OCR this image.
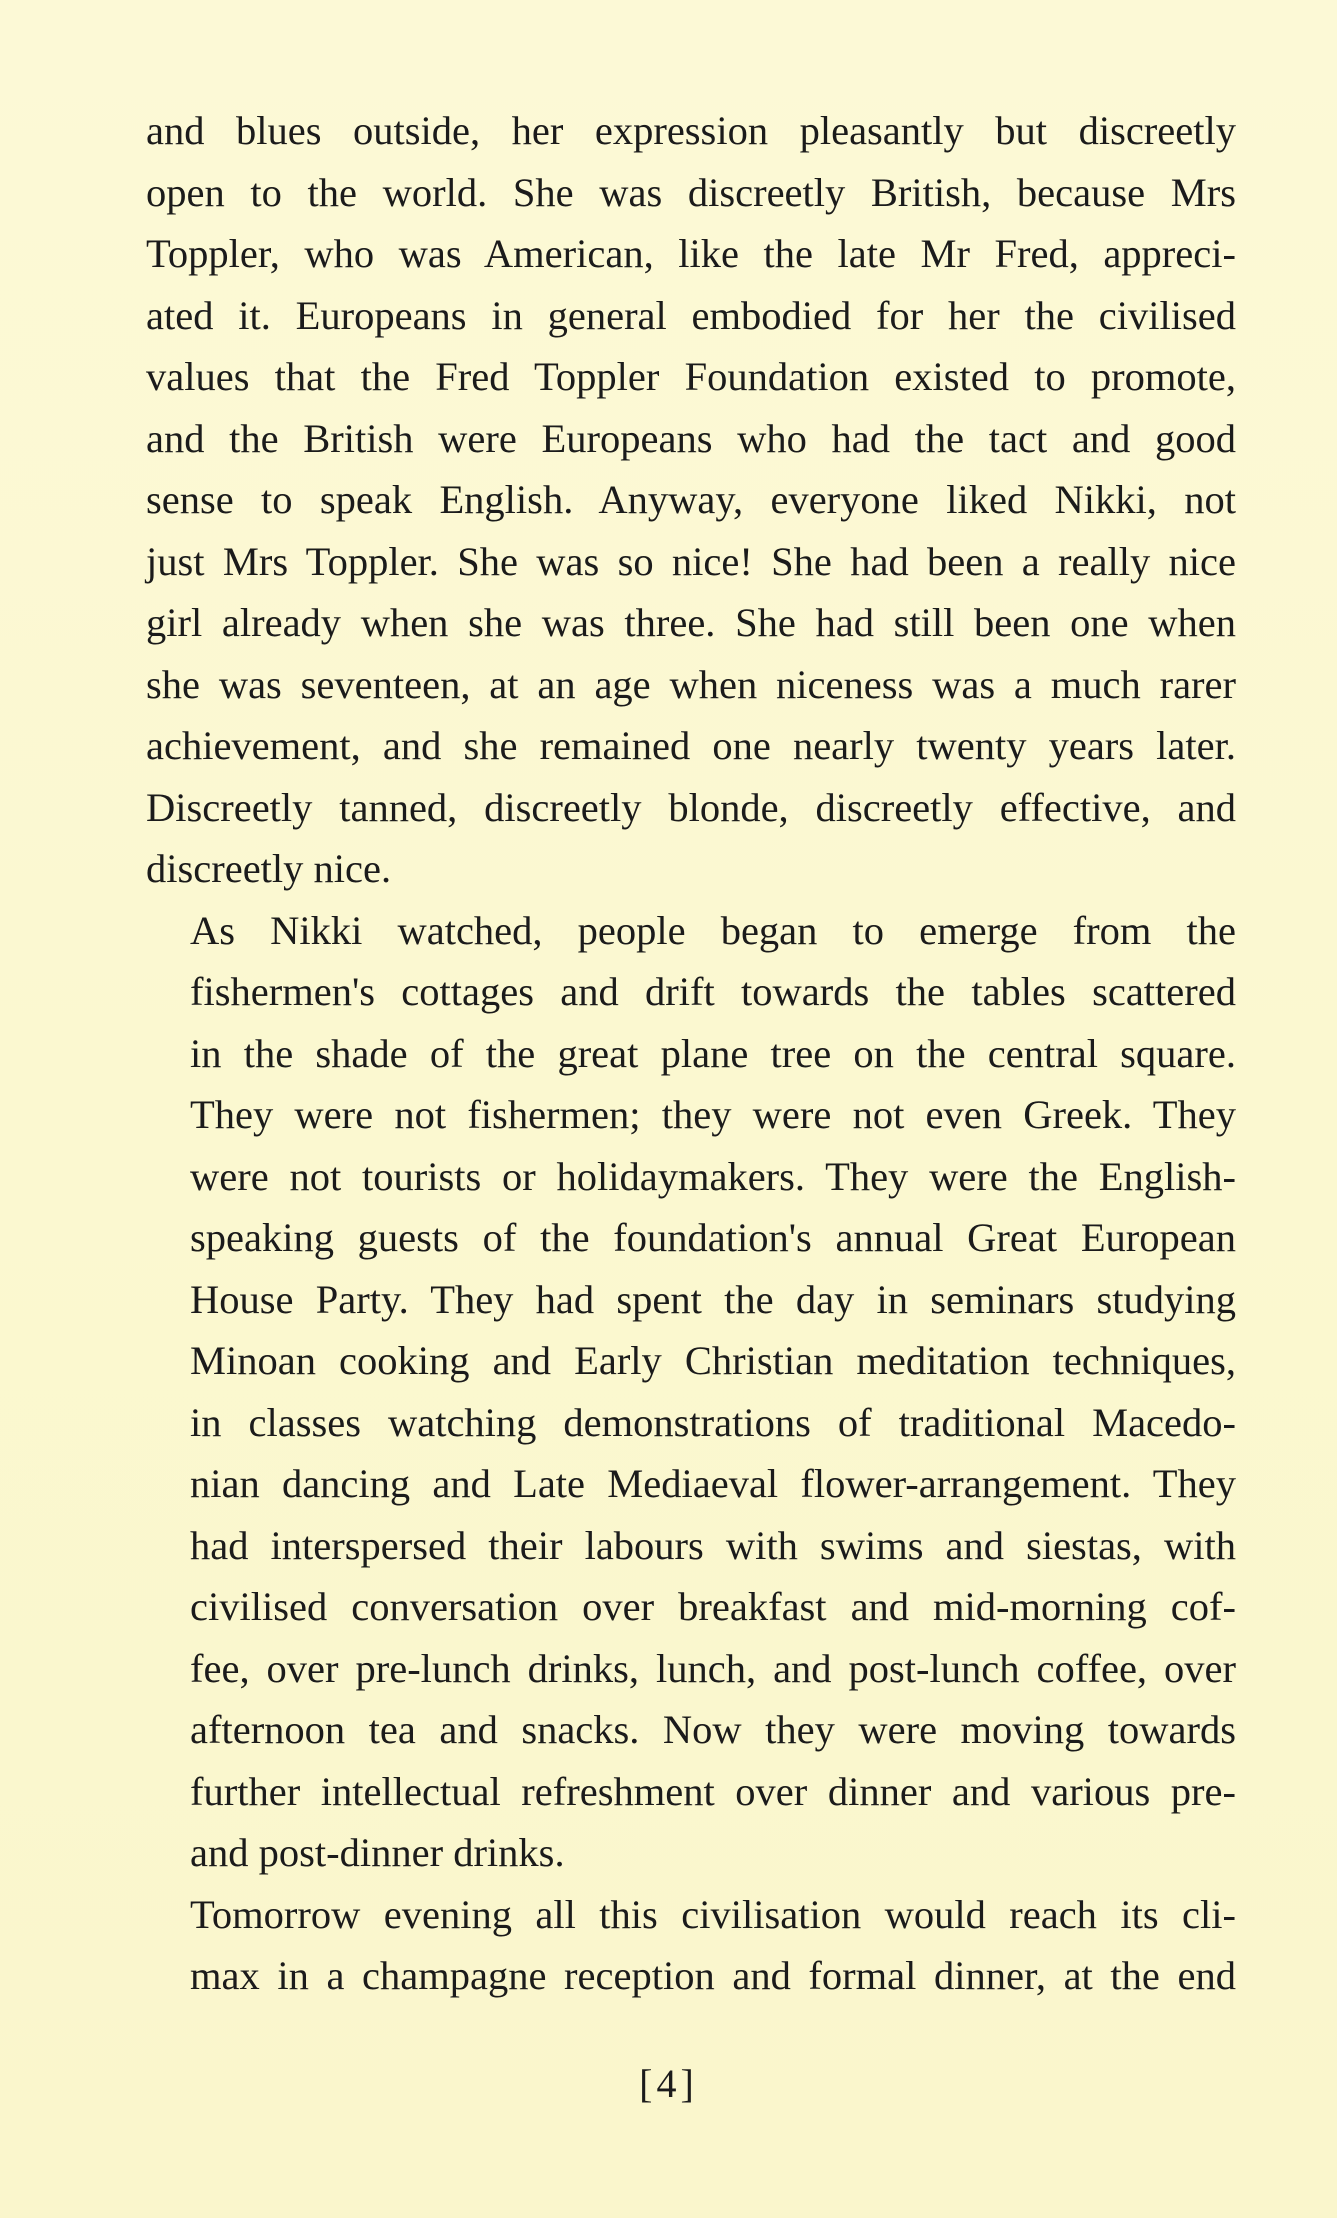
and blues outside, her expression pleasantly but discreetly
open to the world. She was discreetly British, because Mrs
Toppler, who was American, like the late Mr Fred, appreci-
ated it. Europeans in general embodied for her the civilised
values that the Fred Toppler Foundation existed to promote,
and the British were Europeans who had the tact and good
sense to speak English. Anyway, everyone liked Nikki, not
just Mrs Toppler. She was so nice! She had been a really nice
girl already when she was three. She had still been one when
she was seventeen, at an age when niceness was a much rarer
achievement, and she remained one nearly twenty years later.
Discreetly tanned, discreetly blonde, discreetly effective, and
discreetly nice.

As Nikki watched, people began to emerge from the
fishermen's cottages and drift towards the tables scattered
in the shade of the great plane tree on the central square.
They were not fishermen; they were not even Greek. They
were not tourists or holidaymakers. They were the English-
speaking guests of the foundation's annual Great European
House Party. They had spent the day in seminars studying
Minoan cooking and Early Christian meditation techniques,
in classes watching demonstrations of traditional Macedo-
nian dancing and Late Mediaeval flower-arrangement. They
had interspersed their labours with swims and siestas, with
civilised conversation over breakfast and mid-morning cof-
fee, over pre-lunch drinks, lunch, and post-lunch coffee, over
afternoon tea and snacks. Now they were moving towards
further intellectual refreshment over dinner and various pre-
and post-dinner drinks.

Tomorrow evening all this civilisation would reach its cli-
max in a champagne reception and formal dinner, at the end

[4]
